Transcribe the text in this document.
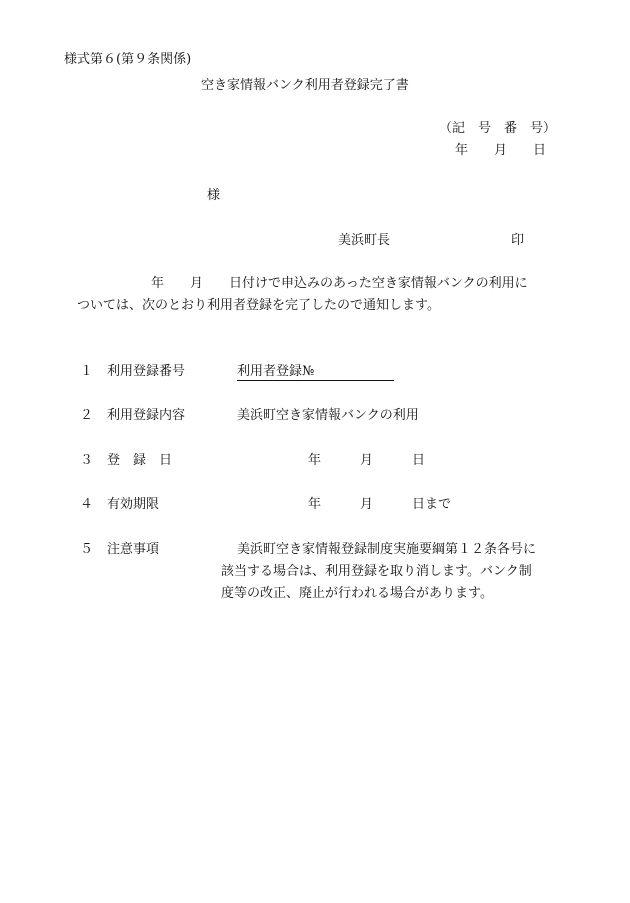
様式第６(第９条関係)
空き家情報バンク利用者登録完了書
（記　号　番　号）
年　　月　　日
様
美浜町長	印
年　　月　　日付けで申込みのあった空き家情報バンクの利用に
ついては、次のとおり利用者登録を完了したので通知します。
１ 利用登録番号	利用者登録№
２ 利用登録内容	美浜町空き家情報バンクの利用
３ 登　録　日	年　　　月　　　日
４ 有効期限	年　　　月　　　日まで
５ 注意事項	美浜町空き家情報登録制度実施要綱第１２条各号に
該当する場合は、利用登録を取り消します。バンク制
度等の改正、廃止が行われる場合があります。
